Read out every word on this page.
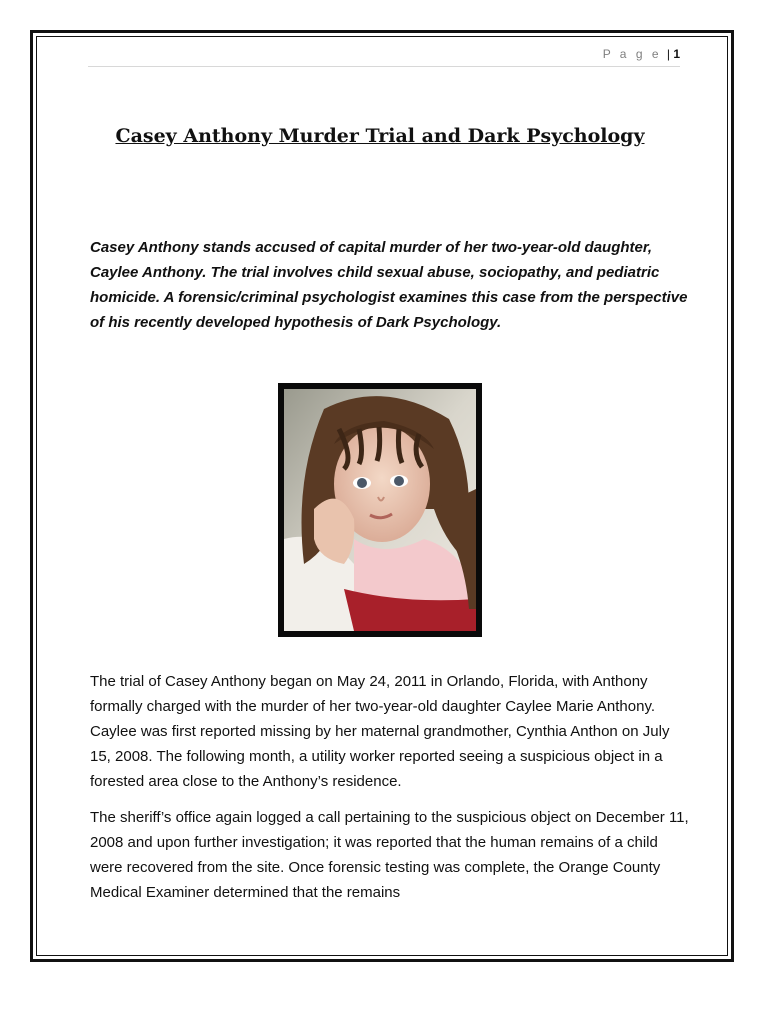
P a g e | 1
Casey Anthony Murder Trial and Dark Psychology

Casey Anthony stands accused of capital murder of her two-year-old daughter, Caylee Anthony. The trial involves child sexual abuse, sociopathy, and pediatric homicide. A forensic/criminal psychologist examines this case from the perspective of his recently developed hypothesis of Dark Psychology.

The trial of Casey Anthony began on May 24, 2011 in Orlando, Florida, with Anthony formally charged with the murder of her two-year-old daughter Caylee Marie Anthony. Caylee was first reported missing by her maternal grandmother, Cynthia Anthon on July 15, 2008. The following month, a utility worker reported seeing a suspicious object in a forested area close to the Anthony’s residence.

The sheriff’s office again logged a call pertaining to the suspicious object on December 11, 2008 and upon further investigation; it was reported that the human remains of a child were recovered from the site. Once forensic testing was complete, the Orange County Medical Examiner determined that the remains
